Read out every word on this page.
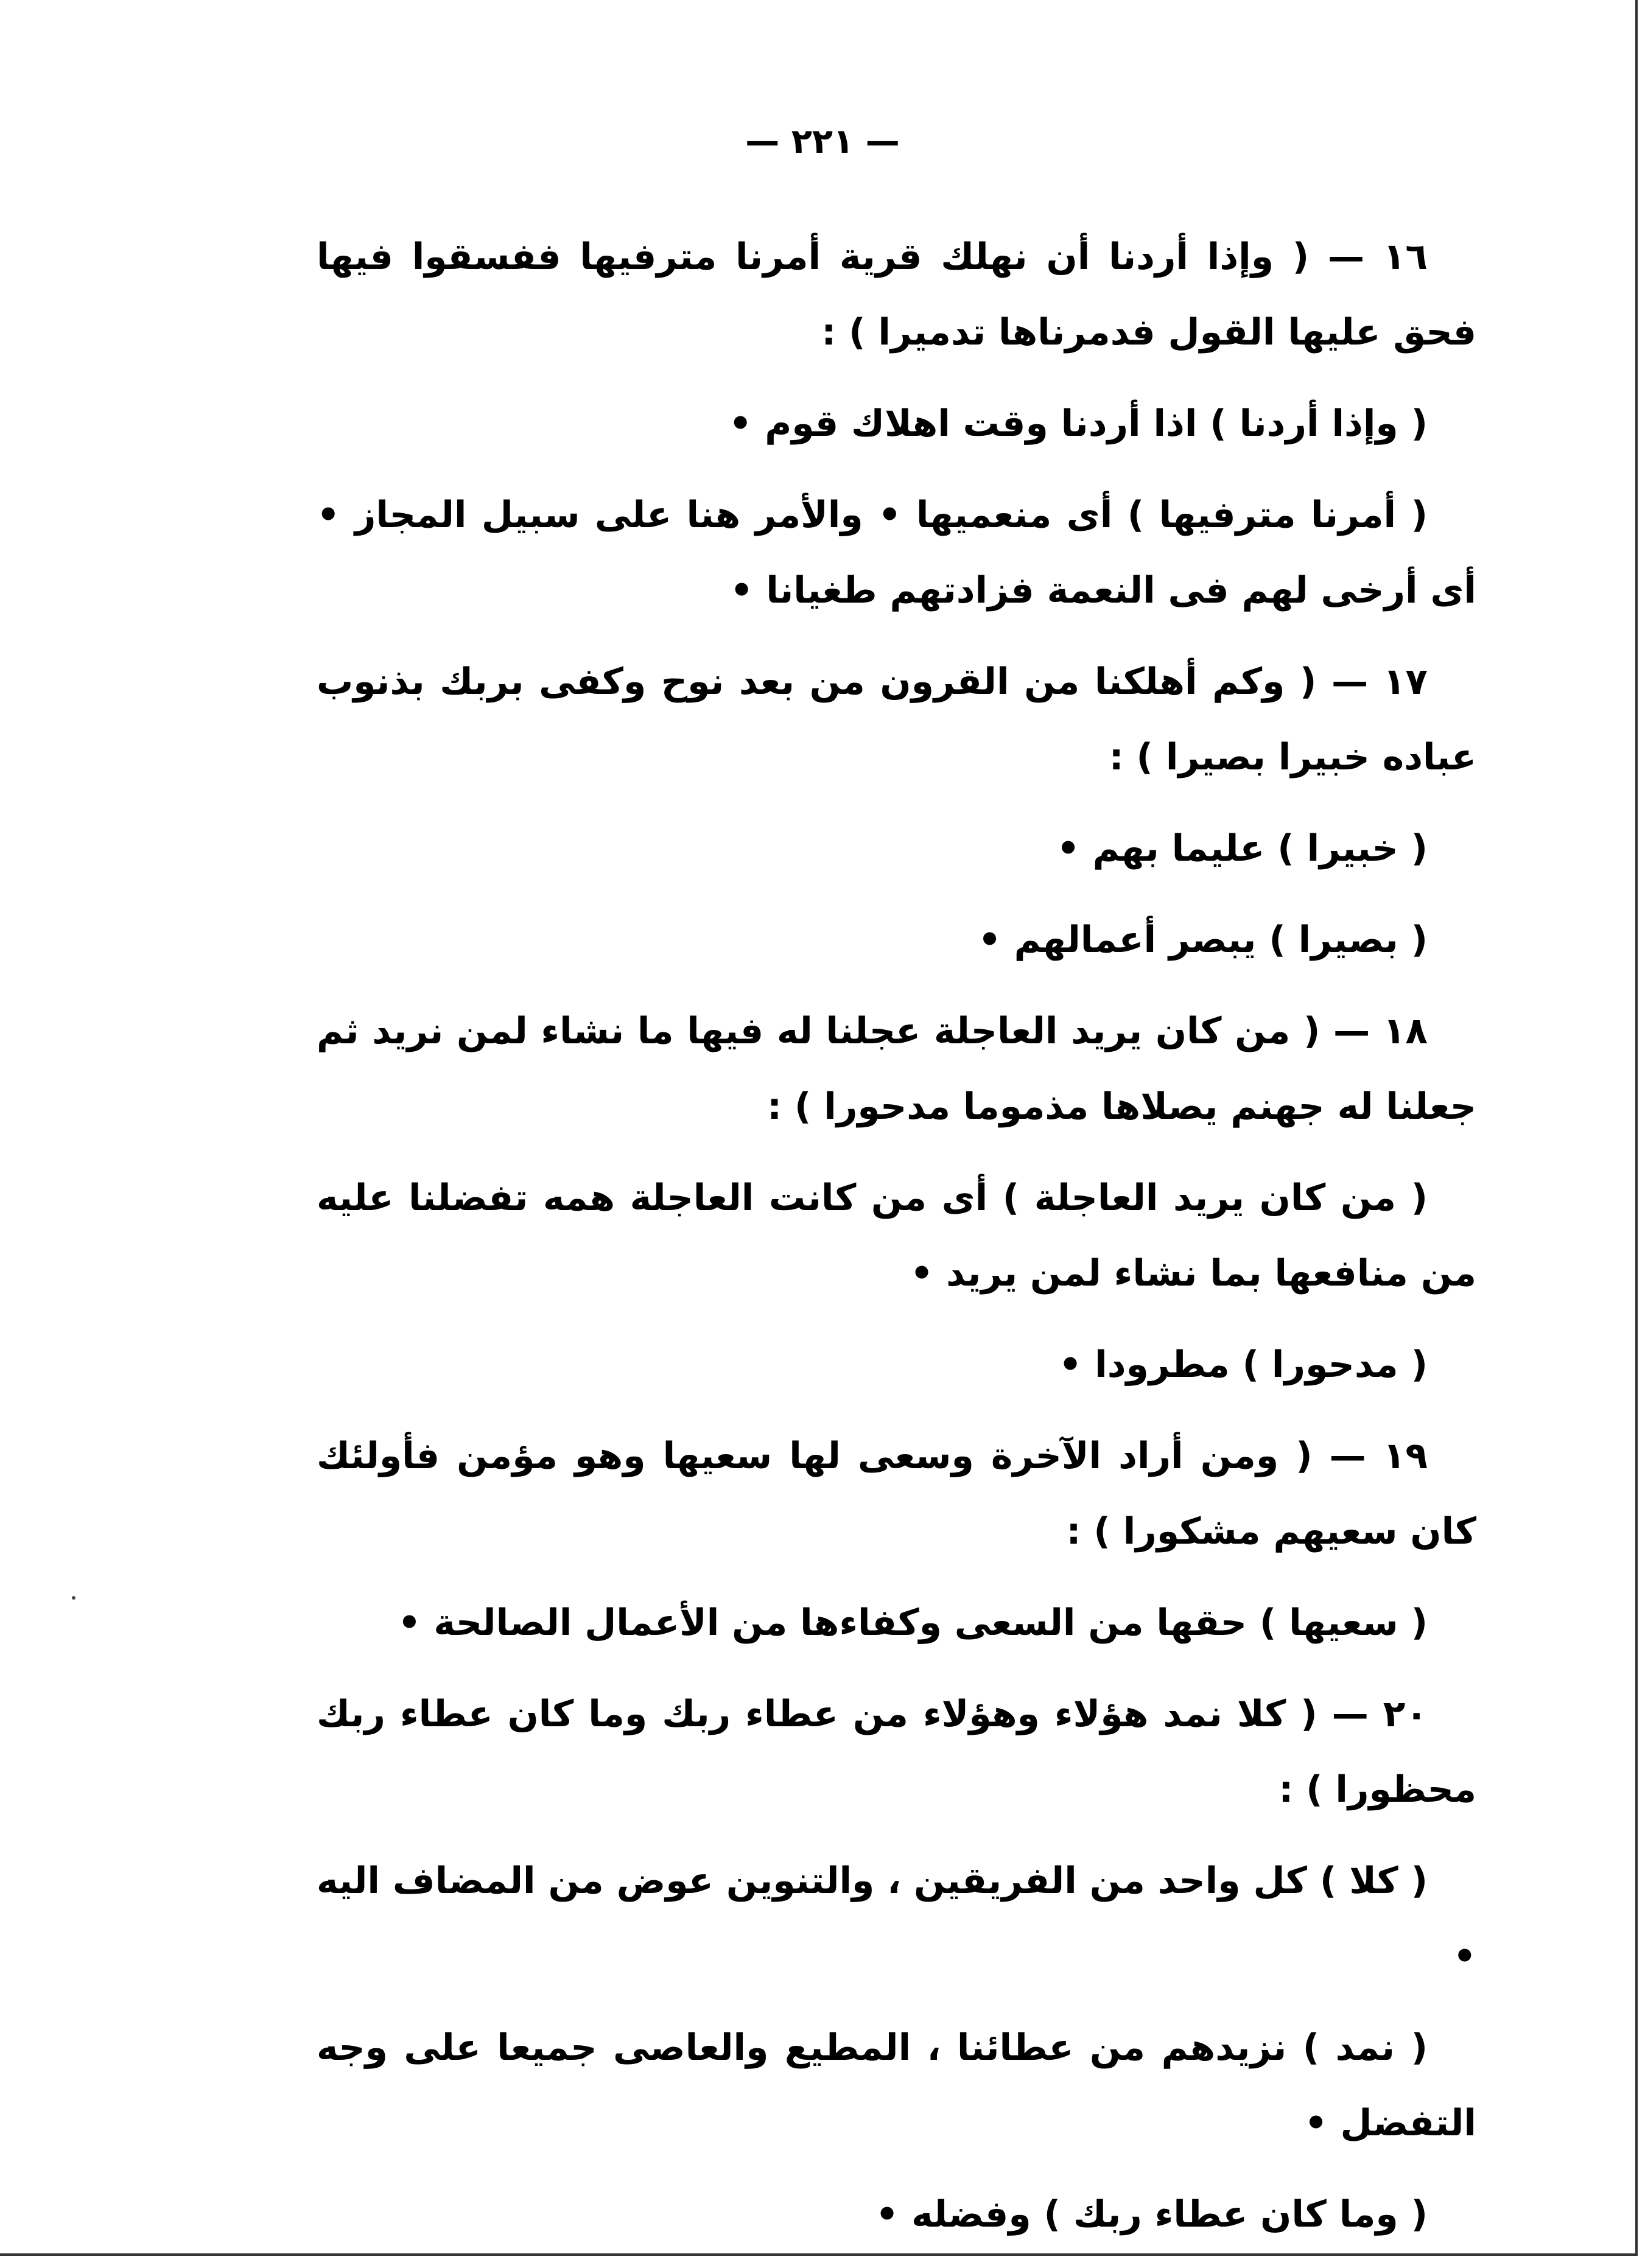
— ٢٢١ —

١٦ — ( وإذا أردنا أن نهلك قرية أمرنا مترفيها ففسقوا فيها فحق عليها القول فدمرناها تدميرا ) :

( وإذا أردنا ) اذا أردنا وقت اهلاك قوم •

( أمرنا مترفيها ) أى منعميها • والأمر هنا على سبيل المجاز • أى أرخى لهم فى النعمة فزادتهم طغيانا •

١٧ — ( وكم أهلكنا من القرون من بعد نوح وكفى بربك بذنوب عباده خبيرا بصيرا ) :

( خبيرا ) عليما بهم •

( بصيرا ) يبصر أعمالهم •

١٨ — ( من كان يريد العاجلة عجلنا له فيها ما نشاء لمن نريد ثم جعلنا له جهنم يصلاها مذموما مدحورا ) :

( من كان يريد العاجلة ) أى من كانت العاجلة همه تفضلنا عليه من منافعها بما نشاء لمن يريد •

( مدحورا ) مطرودا •

١٩ — ( ومن أراد الآخرة وسعى لها سعيها وهو مؤمن فأولئك كان سعيهم مشكورا ) :

( سعيها ) حقها من السعى وكفاءها من الأعمال الصالحة •

٢٠ — ( كلا نمد هؤلاء وهؤلاء من عطاء ربك وما كان عطاء ربك محظورا ) :

( كلا ) كل واحد من الفريقين ، والتنوين عوض من المضاف اليه •

( نمد ) نزيدهم من عطائنا ، المطيع والعاصى جميعا على وجه التفضل •

( وما كان عطاء ربك ) وفضله •
